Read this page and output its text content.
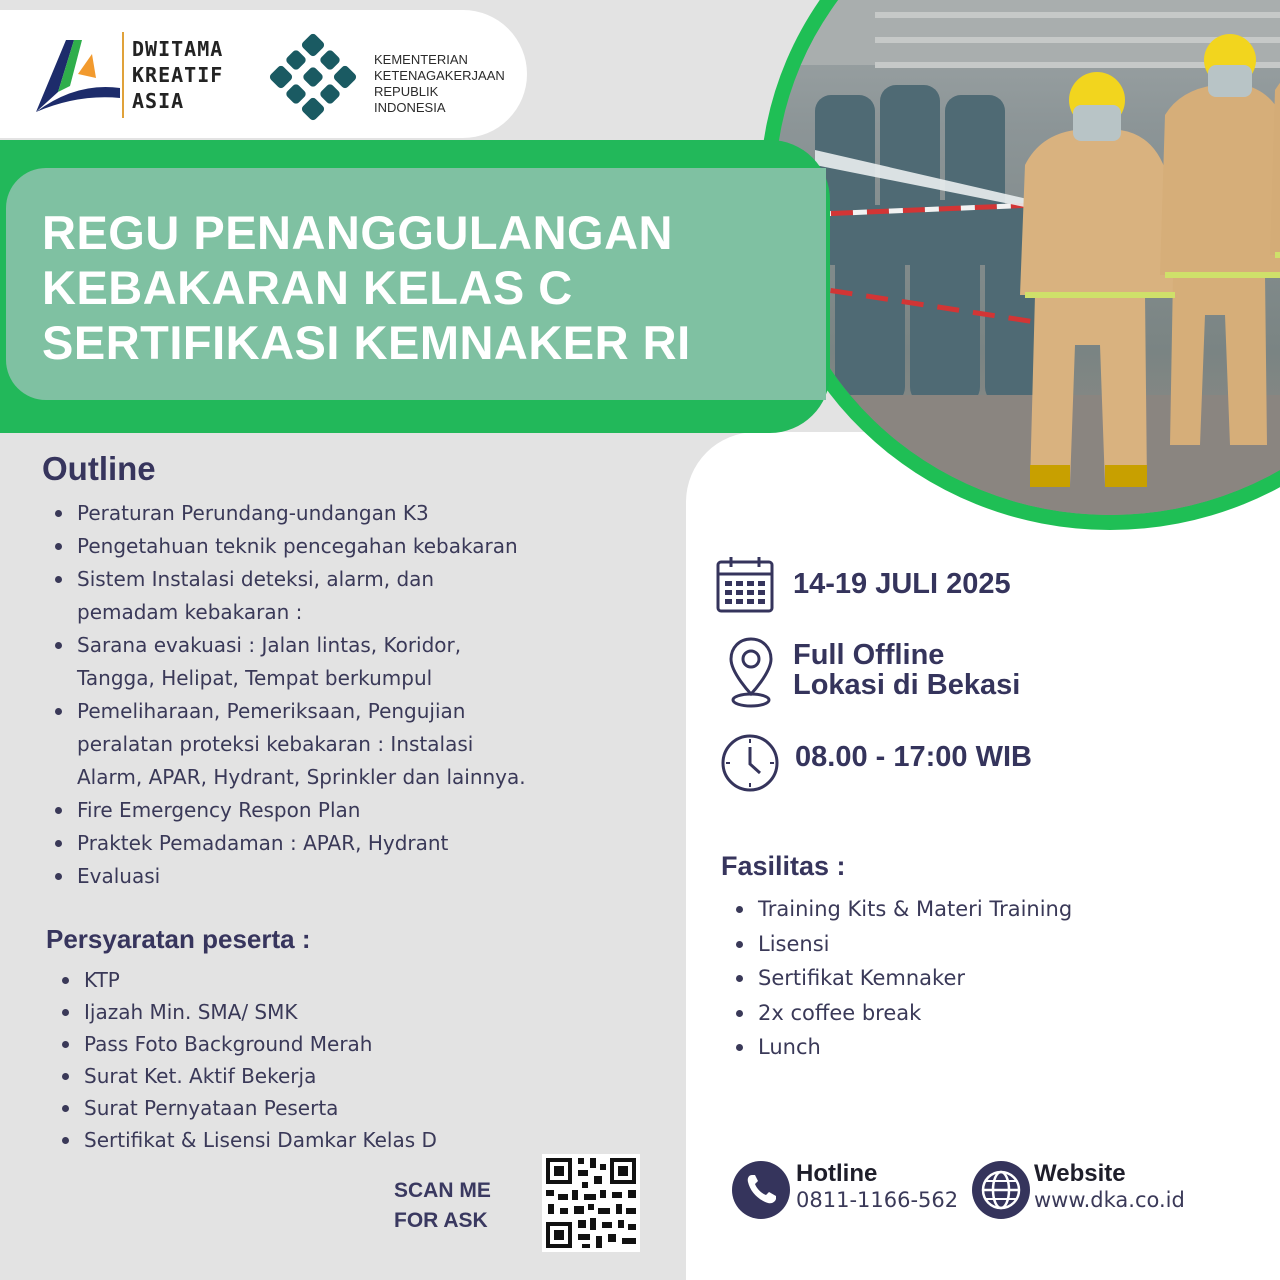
DWITAMA
KREATIF
ASIA
KEMENTERIAN
KETENAGAKERJAAN
REPUBLIK
INDONESIA
REGU PENANGGULANGAN
KEBAKARAN KELAS C
SERTIFIKASI KEMNAKER RI
Outline
Peraturan Perundang-undangan K3
Pengetahuan teknik pencegahan kebakaran
Sistem Instalasi deteksi, alarm, dan pemadam kebakaran :
Sarana evakuasi : Jalan lintas, Koridor, Tangga, Helipat, Tempat berkumpul
Pemeliharaan, Pemeriksaan, Pengujian peralatan proteksi kebakaran : Instalasi Alarm, APAR, Hydrant, Sprinkler dan lainnya.
Fire Emergency Respon Plan
Praktek Pemadaman : APAR, Hydrant
Evaluasi
Persyaratan peserta :
KTP
Ijazah Min. SMA/ SMK
Pass Foto Background Merah
Surat Ket. Aktif Bekerja
Surat Pernyataan Peserta
Sertifikat & Lisensi Damkar Kelas D
14-19 JULI 2025
Full Offline
Lokasi di Bekasi
08.00 - 17:00 WIB
Fasilitas :
Training Kits & Materi Training
Lisensi
Sertifikat Kemnaker
2x coffee break
Lunch
SCAN ME
FOR ASK
Hotline
0811-1166-562
Website
www.dka.co.id
